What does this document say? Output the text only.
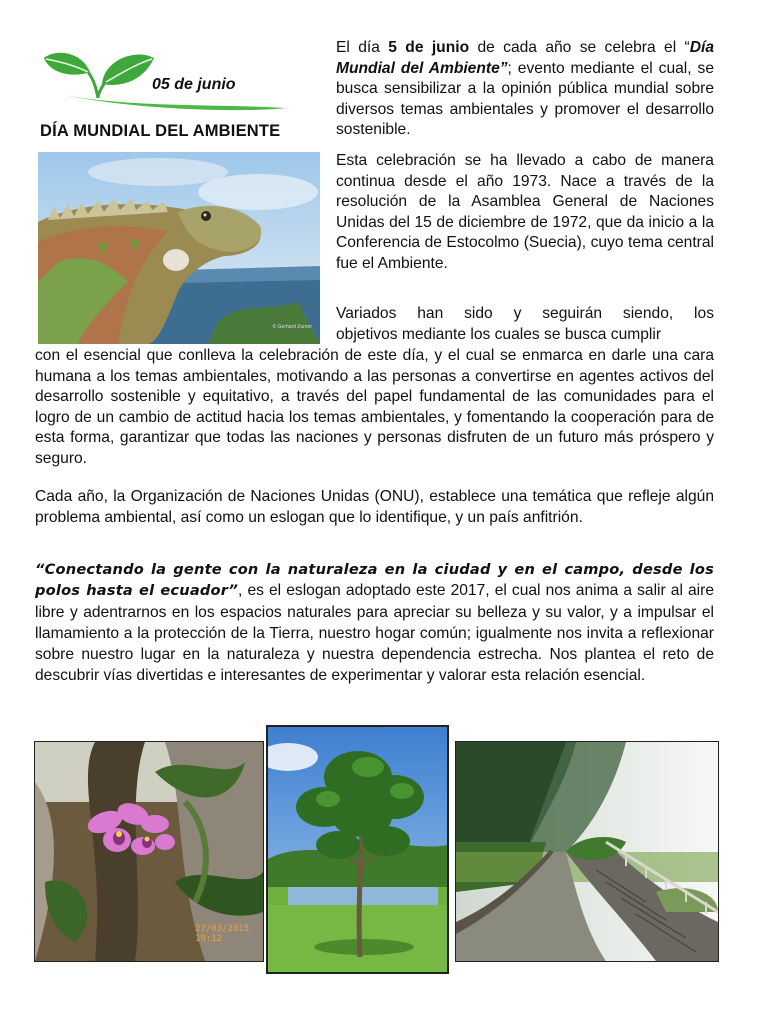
05 de junio
DÍA MUNDIAL DEL AMBIENTE
© Gerhard Zurner

El día 5 de junio de cada año se celebra el “Día Mundial del Ambiente”; evento mediante el cual, se busca sensibilizar a la opinión pública mundial sobre diversos temas ambientales y promover el desarrollo sostenible.

Esta celebración se ha llevado a cabo de manera continua desde el año 1973. Nace a través de la resolución de la Asamblea General de Naciones Unidas del 15 de diciembre de 1972, que da inicio a la Conferencia de Estocolmo (Suecia), cuyo tema central fue el Ambiente.

Variados han sido y seguirán siendo, los
objetivos mediante los cuales se busca cumplir

con el esencial que conlleva la celebración de este día, y el cual se enmarca en darle una cara humana a los temas ambientales, motivando a las personas a convertirse en agentes activos del desarrollo sostenible y equitativo, a través del papel fundamental de las comunidades para el logro de un cambio de actitud hacia los temas ambientales, y fomentando la cooperación para de esta forma, garantizar que todas las naciones y personas disfruten de un futuro más próspero y seguro.

Cada año, la Organización de Naciones Unidas (ONU), establece una temática que refleje algún problema ambiental, así como un eslogan que lo identifique, y un país anfitrión.

“Conectando la gente con la naturaleza en la ciudad y en el campo, desde los polos hasta el ecuador”, es el eslogan adoptado este 2017, el cual nos anima a salir al aire libre y adentrarnos en los espacios naturales para apreciar su belleza y su valor, y a impulsar el llamamiento a la protección de la Tierra, nuestro hogar común; igualmente nos invita a reflexionar sobre nuestro lugar en la naturaleza y nuestra dependencia estrecha. Nos plantea el reto de descubrir vías divertidas e interesantes de experimentar y valorar esta relación esencial.

27/03/2015 19:12
